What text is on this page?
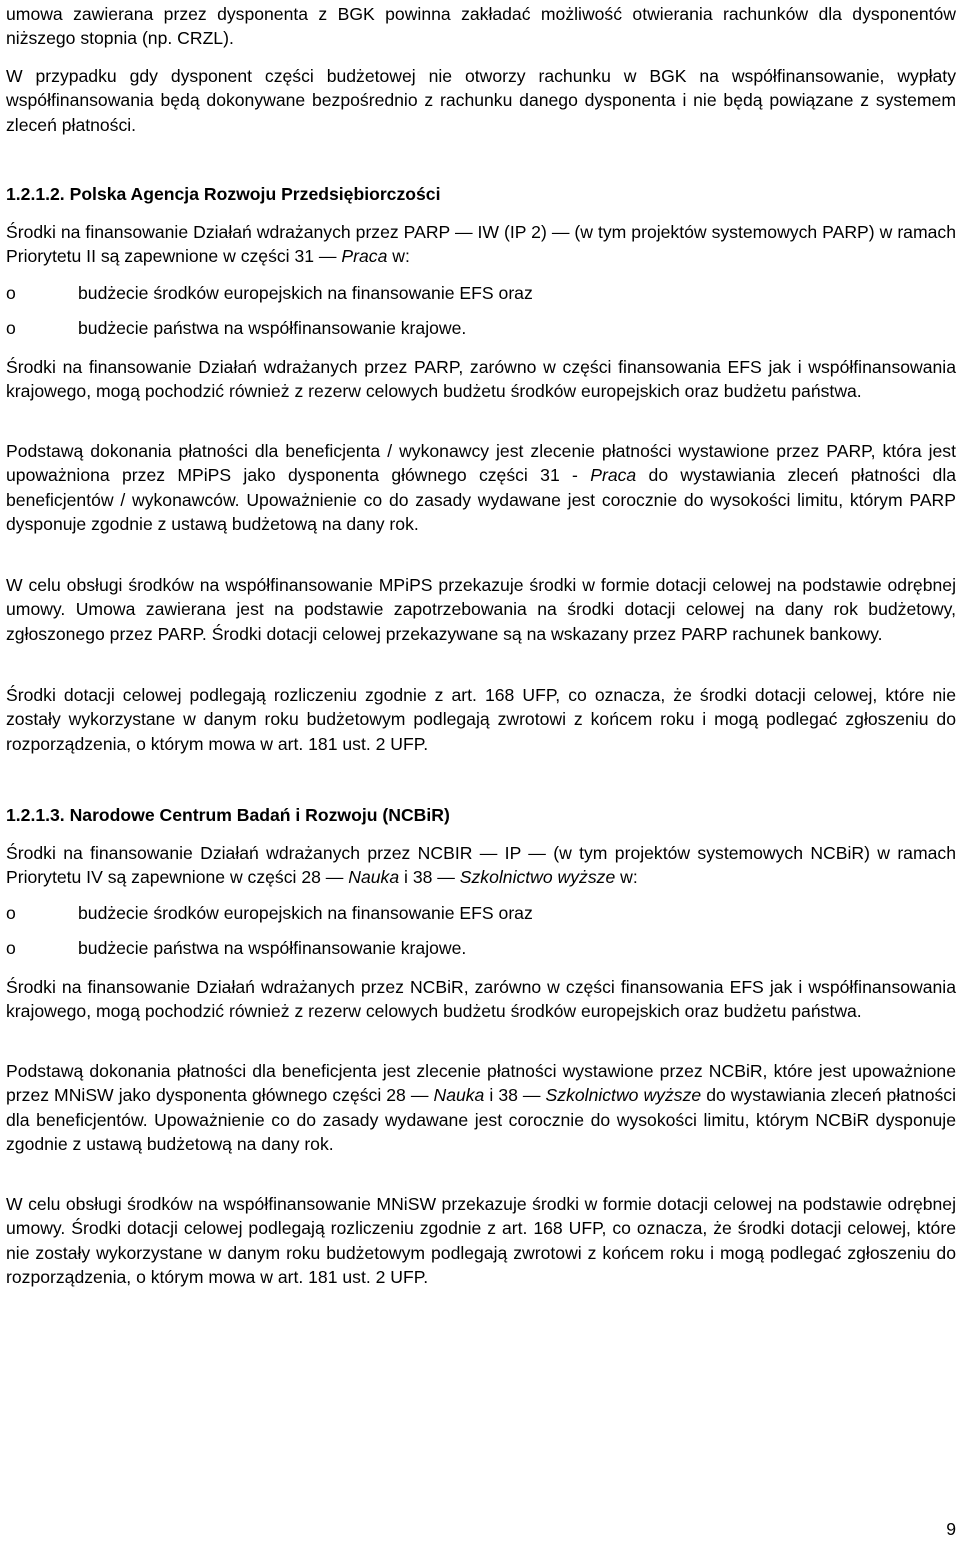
umowa zawierana przez dysponenta z BGK powinna zakładać możliwość otwierania rachunków dla dysponentów niższego stopnia (np. CRZL).

W przypadku gdy dysponent części budżetowej nie otworzy rachunku w BGK na współfinansowanie, wypłaty współfinansowania będą dokonywane bezpośrednio z rachunku danego dysponenta i nie będą powiązane z systemem zleceń płatności.

1.2.1.2. Polska Agencja Rozwoju Przedsiębiorczości

Środki na finansowanie Działań wdrażanych przez PARP — IW (IP 2) — (w tym projektów systemowych PARP) w ramach Priorytetu II są zapewnione w części 31 — Praca w:

o	budżecie środków europejskich na finansowanie EFS oraz

o	budżecie państwa na współfinansowanie krajowe.

Środki na finansowanie Działań wdrażanych przez PARP, zarówno w części finansowania EFS jak i współfinansowania krajowego, mogą pochodzić również z rezerw celowych budżetu środków europejskich oraz budżetu państwa.

Podstawą dokonania płatności dla beneficjenta / wykonawcy jest zlecenie płatności wystawione przez PARP, która jest upoważniona przez MPiPS jako dysponenta głównego części 31 - Praca do wystawiania zleceń płatności dla beneficjentów / wykonawców. Upoważnienie co do zasady wydawane jest corocznie do wysokości limitu, którym PARP dysponuje zgodnie z ustawą budżetową na dany rok.

W celu obsługi środków na współfinansowanie MPiPS przekazuje środki w formie dotacji celowej na podstawie odrębnej umowy. Umowa zawierana jest na podstawie zapotrzebowania na środki dotacji celowej na dany rok budżetowy, zgłoszonego przez PARP. Środki dotacji celowej przekazywane są na wskazany przez PARP rachunek bankowy.

Środki dotacji celowej podlegają rozliczeniu zgodnie z art. 168 UFP, co oznacza, że środki dotacji celowej, które nie zostały wykorzystane w danym roku budżetowym podlegają zwrotowi z końcem roku i mogą podlegać zgłoszeniu do rozporządzenia, o którym mowa w art. 181 ust. 2 UFP.

1.2.1.3. Narodowe Centrum Badań i Rozwoju (NCBiR)

Środki na finansowanie Działań wdrażanych przez NCBIR — IP — (w tym projektów systemowych NCBiR) w ramach Priorytetu IV są zapewnione w części 28 — Nauka i 38 — Szkolnictwo wyższe w:

o	budżecie środków europejskich na finansowanie EFS oraz

o	budżecie państwa na współfinansowanie krajowe.

Środki na finansowanie Działań wdrażanych przez NCBiR, zarówno w części finansowania EFS jak i współfinansowania krajowego, mogą pochodzić również z rezerw celowych budżetu środków europejskich oraz budżetu państwa.

Podstawą dokonania płatności dla beneficjenta jest zlecenie płatności wystawione przez NCBiR, które jest upoważnione przez MNiSW jako dysponenta głównego części 28 — Nauka i 38 — Szkolnictwo wyższe do wystawiania zleceń płatności dla beneficjentów. Upoważnienie co do zasady wydawane jest corocznie do wysokości limitu, którym NCBiR dysponuje zgodnie z ustawą budżetową na dany rok.

W celu obsługi środków na współfinansowanie MNiSW przekazuje środki w formie dotacji celowej na podstawie odrębnej umowy. Środki dotacji celowej podlegają rozliczeniu zgodnie z art. 168 UFP, co oznacza, że środki dotacji celowej, które nie zostały wykorzystane w danym roku budżetowym podlegają zwrotowi z końcem roku i mogą podlegać zgłoszeniu do rozporządzenia, o którym mowa w art. 181 ust. 2 UFP.

9
